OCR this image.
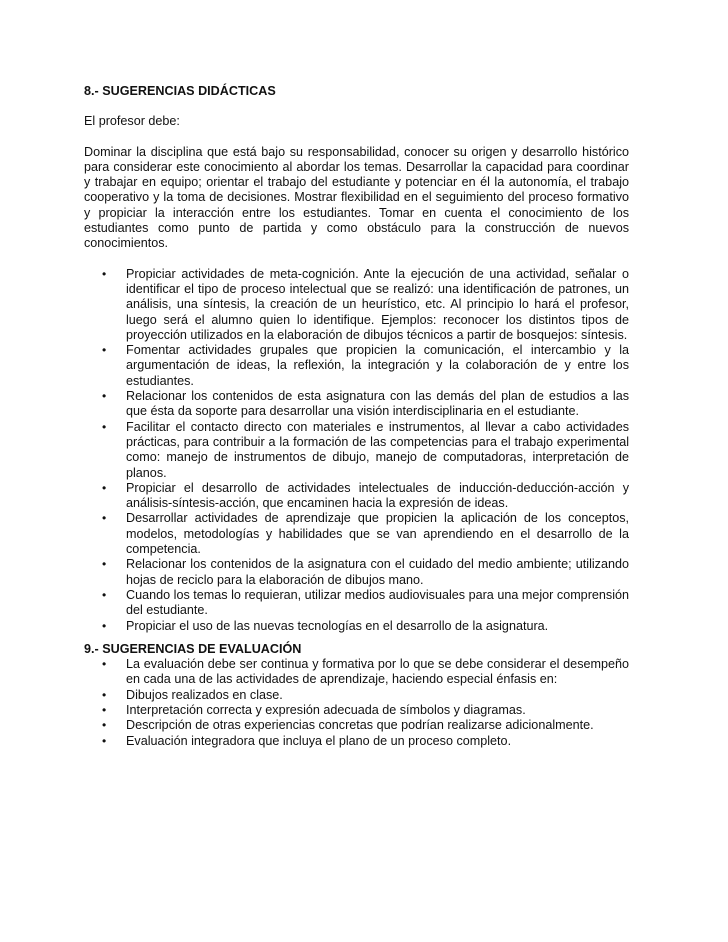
8.- SUGERENCIAS DIDÁCTICAS
El profesor debe:
Dominar la disciplina que está bajo su responsabilidad, conocer su origen y desarrollo histórico para considerar este conocimiento al abordar los temas. Desarrollar la capacidad para coordinar y trabajar en equipo; orientar el trabajo del estudiante y potenciar en él la autonomía, el trabajo cooperativo y la toma de decisiones. Mostrar flexibilidad en el seguimiento del proceso formativo y propiciar la interacción entre los estudiantes. Tomar en cuenta el conocimiento de los estudiantes como punto de partida y como obstáculo para la construcción de nuevos conocimientos.
• Propiciar actividades de meta-cognición. Ante la ejecución de una actividad, señalar o identificar el tipo de proceso intelectual que se realizó: una identificación de patrones, un análisis, una síntesis, la creación de un heurístico, etc. Al principio lo hará el profesor, luego será el alumno quien lo identifique. Ejemplos: reconocer los distintos tipos de proyección utilizados en la elaboración de dibujos técnicos a partir de bosquejos: síntesis.
• Fomentar actividades grupales que propicien la comunicación, el intercambio y la argumentación de ideas, la reflexión, la integración y la colaboración de y entre los estudiantes.
• Relacionar los contenidos de esta asignatura con las demás del plan de estudios a las que ésta da soporte para desarrollar una visión interdisciplinaria en el estudiante.
• Facilitar el contacto directo con materiales e instrumentos, al llevar a cabo actividades prácticas, para contribuir a la formación de las competencias para el trabajo experimental como: manejo de instrumentos de dibujo, manejo de computadoras, interpretación de planos.
• Propiciar el desarrollo de actividades intelectuales de inducción-deducción-acción y análisis-síntesis-acción, que encaminen hacia la expresión de ideas.
• Desarrollar actividades de aprendizaje que propicien la aplicación de los conceptos, modelos, metodologías y habilidades que se van aprendiendo en el desarrollo de la competencia.
• Relacionar los contenidos de la asignatura con el cuidado del medio ambiente; utilizando hojas de reciclo para la elaboración de dibujos mano.
• Cuando los temas lo requieran, utilizar medios audiovisuales para una mejor comprensión del estudiante.
• Propiciar el uso de las nuevas tecnologías en el desarrollo de la asignatura.
9.- SUGERENCIAS DE EVALUACIÓN
• La evaluación debe ser continua y formativa por lo que se debe considerar el desempeño en cada una de las actividades de aprendizaje, haciendo especial énfasis en:
• Dibujos realizados en clase.
• Interpretación correcta y expresión adecuada de símbolos y diagramas.
• Descripción de otras experiencias concretas que podrían realizarse adicionalmente.
• Evaluación integradora que incluya el plano de un proceso completo.
